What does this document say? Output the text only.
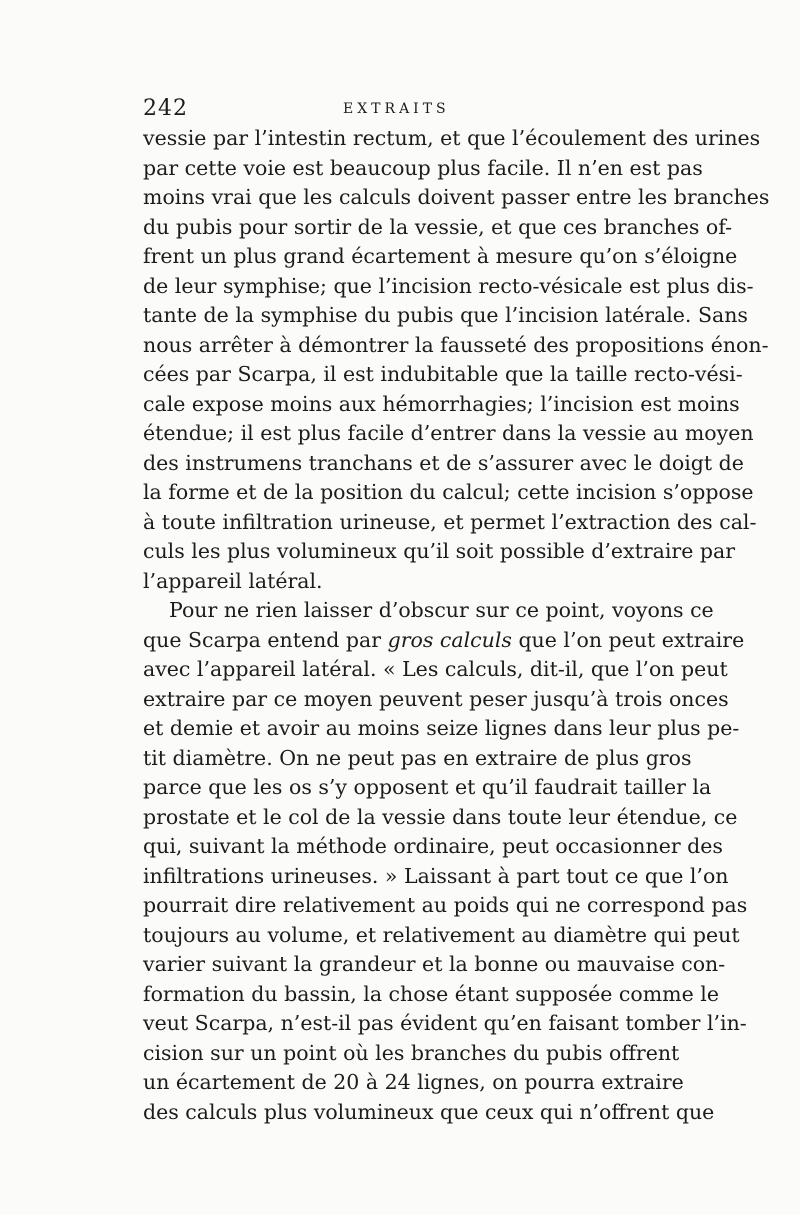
242	EXTRAITS
vessie par l’intestin rectum, et que l’écoulement des urines
par cette voie est beaucoup plus facile. Il n’en est pas
moins vrai que les calculs doivent passer entre les branches
du pubis pour sortir de la vessie, et que ces branches of-
frent un plus grand écartement à mesure qu’on s’éloigne
de leur symphise; que l’incision recto-vésicale est plus dis-
tante de la symphise du pubis que l’incision latérale. Sans
nous arrêter à démontrer la fausseté des propositions énon-
cées par Scarpa, il est indubitable que la taille recto-vési-
cale expose moins aux hémorrhagies; l’incision est moins
étendue; il est plus facile d’entrer dans la vessie au moyen
des instrumens tranchans et de s’assurer avec le doigt de
la forme et de la position du calcul; cette incision s’oppose
à toute infiltration urineuse, et permet l’extraction des cal-
culs les plus volumineux qu’il soit possible d’extraire par
l’appareil latéral.
Pour ne rien laisser d’obscur sur ce point, voyons ce
que Scarpa entend par gros calculs que l’on peut extraire
avec l’appareil latéral. « Les calculs, dit-il, que l’on peut
extraire par ce moyen peuvent peser jusqu’à trois onces
et demie et avoir au moins seize lignes dans leur plus pe-
tit diamètre. On ne peut pas en extraire de plus gros
parce que les os s’y opposent et qu’il faudrait tailler la
prostate et le col de la vessie dans toute leur étendue, ce
qui, suivant la méthode ordinaire, peut occasionner des
infiltrations urineuses. » Laissant à part tout ce que l’on
pourrait dire relativement au poids qui ne correspond pas
toujours au volume, et relativement au diamètre qui peut
varier suivant la grandeur et la bonne ou mauvaise con-
formation du bassin, la chose étant supposée comme le
veut Scarpa, n’est-il pas évident qu’en faisant tomber l’in-
cision sur un point où les branches du pubis offrent
un écartement de 20 à 24 lignes, on pourra extraire
des calculs plus volumineux que ceux qui n’offrent que
